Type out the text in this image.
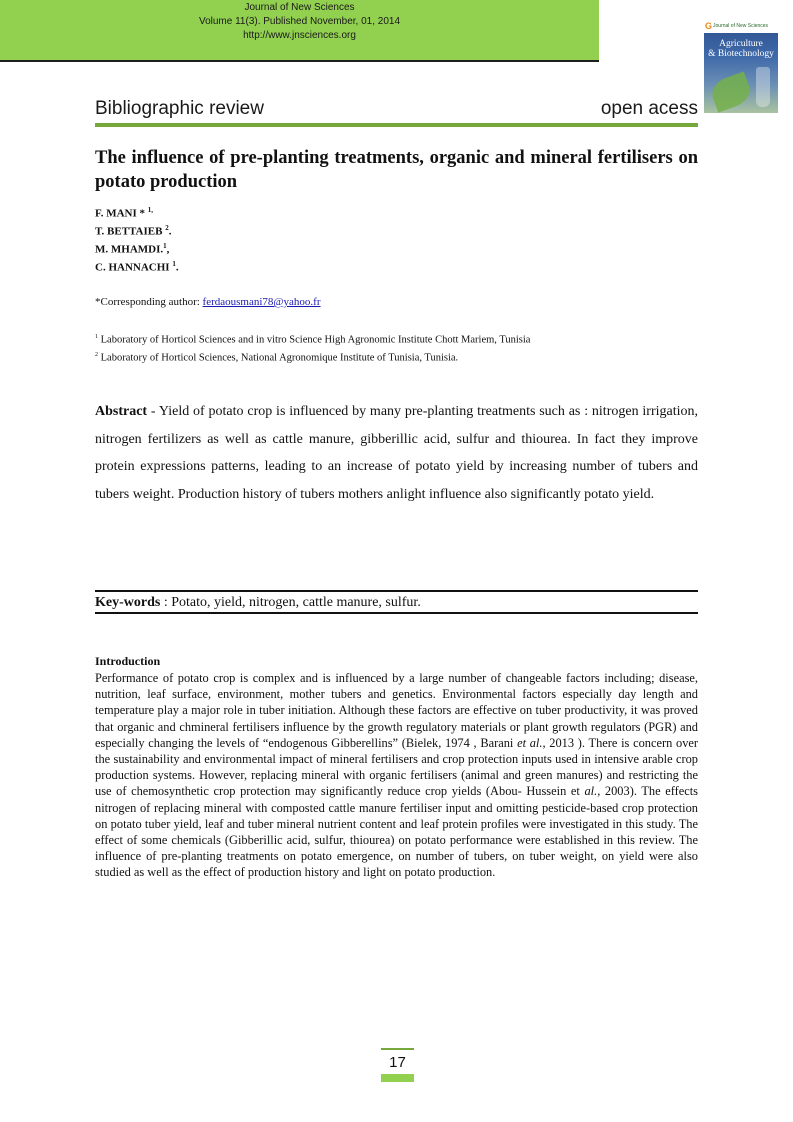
Journal of New Sciences
Volume 11(3). Published November, 01, 2014
http://www.jnsciences.org
G Journal of New Sciences
Agriculture
& Biotechnology
Bibliographic review	open acess
The influence of pre-planting treatments, organic and mineral fertilisers on potato production
F. MANI * $^{1,}$
T. BETTAIEB $^2$.
M. MHAMDI.$^1$,
C. HANNACHI $^1$.
*Corresponding author: ferdaousmani78@yahoo.fr
$^1$ Laboratory of Horticol Sciences and in vitro Science High Agronomic Institute Chott Mariem, Tunisia
$^2$ Laboratory of Horticol Sciences, National Agronomique Institute of Tunisia, Tunisia.
Abstract - Yield of potato crop is influenced by many pre-planting treatments such as : nitrogen irrigation, nitrogen fertilizers as well as cattle manure, gibberillic acid, sulfur and thiourea. In fact they improve protein expressions patterns, leading to an increase of potato yield by increasing number of tubers and tubers weight. Production history of tubers mothers anlight influence also significantly potato yield.
Key-words : Potato, yield, nitrogen, cattle manure, sulfur.
Introduction
Performance of potato crop is complex and is influenced by a large number of changeable factors including; disease, nutrition, leaf surface, environment, mother tubers and genetics. Environmental factors especially day length and temperature play a major role in tuber initiation. Although these factors are effective on tuber productivity, it was proved that organic and chmineral fertilisers influence by the growth regulatory materials or plant growth regulators (PGR) and especially changing the levels of “endogenous Gibberellins” (Bielek, 1974 , Barani et al., 2013 ). There is concern over the sustainability and environmental impact of mineral fertilisers and crop protection inputs used in intensive arable crop production systems. However, replacing mineral with organic fertilisers (animal and green manures) and restricting the use of chemosynthetic crop protection may significantly reduce crop yields (Abou- Hussein et al., 2003). The effects nitrogen of replacing mineral with composted cattle manure fertiliser input and omitting pesticide-based crop protection on potato tuber yield, leaf and tuber mineral nutrient content and leaf protein profiles were investigated in this study. The effect of some chemicals (Gibberillic acid, sulfur, thiourea) on potato performance were established in this review. The influence of pre-planting treatments on potato emergence, on number of tubers, on tuber weight, on yield were also studied as well as the effect of production history and light on potato production.
17
